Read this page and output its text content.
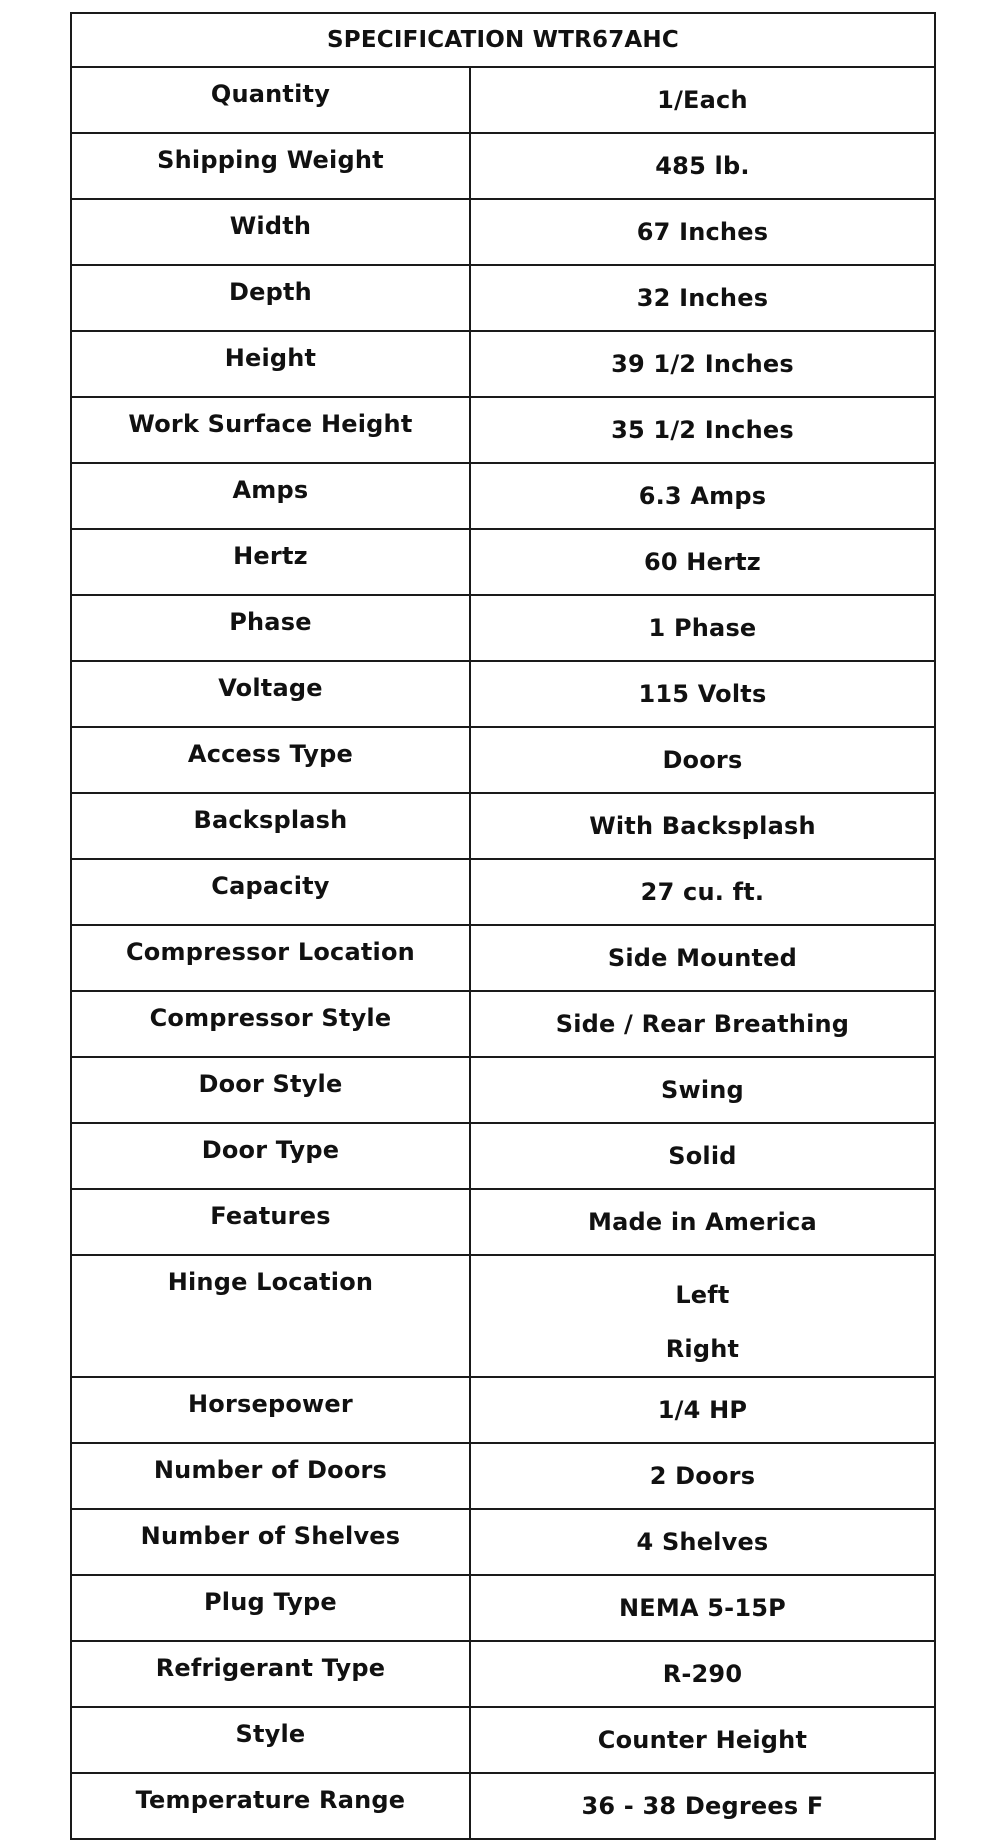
SPECIFICATION WTR67AHC	
Quantity	1/Each
Shipping Weight	485 lb.
Width	67 Inches
Depth	32 Inches
Height	39 1/2 Inches
Work Surface Height	35 1/2 Inches
Amps	6.3 Amps
Hertz	60 Hertz
Phase	1 Phase
Voltage	115 Volts
Access Type	Doors
Backsplash	With Backsplash
Capacity	27 cu. ft.
Compressor Location	Side Mounted
Compressor Style	Side / Rear Breathing
Door Style	Swing
Door Type	Solid
Features	Made in America
Hinge Location	Left
Right

Horsepower	1/4 HP
Number of Doors	2 Doors
Number of Shelves	4 Shelves
Plug Type	NEMA 5-15P
Refrigerant Type	R-290
Style	Counter Height
Temperature Range	36 - 38 Degrees F
